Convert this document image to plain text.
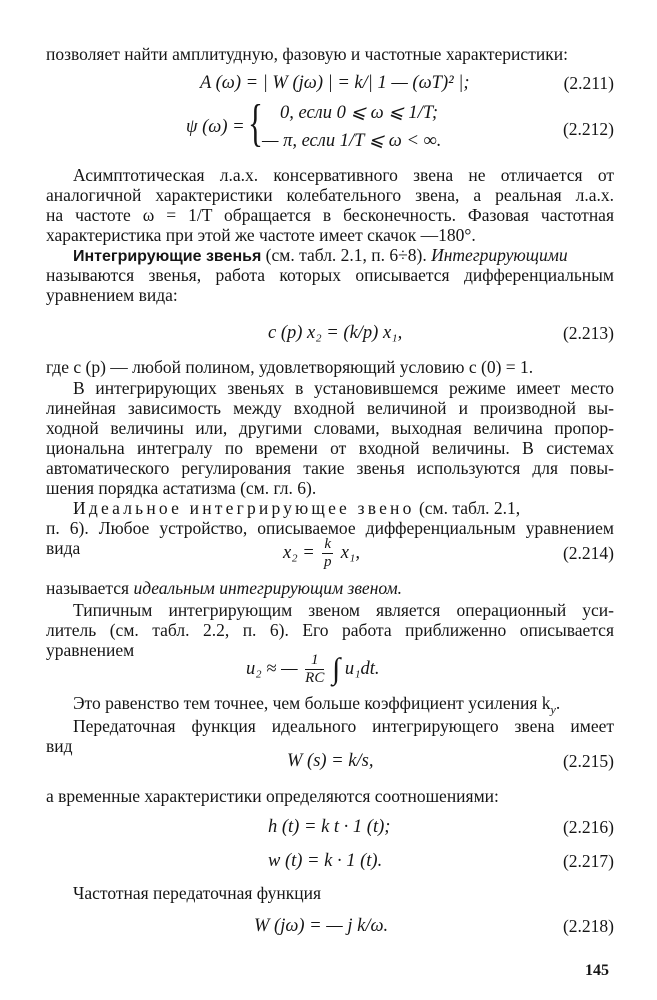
позволяет найти амплитудную, фазовую и частотные характеристики:
A (ω) = | W (jω) | = k/| 1 — (ωT)² |;	(2.211)
ψ (ω) = { 0, если 0 ⩽ ω ⩽ 1/T;
— π, если 1/T ⩽ ω < ∞.
(2.212)
Асимптотическая л.а.х. консервативного звена не отличается от
аналогичной характеристики колебательного звена, а реальная л.а.х.
на частоте ω = 1/T обращается в бесконечность. Фазовая частотная
характеристика при этой же частоте имеет скачок —180°.
Интегрирующие звенья (см. табл. 2.1, п. 6÷8). Интегрирующими
называются звенья, работа которых описывается дифференциальным
уравнением вида:
c (p) x₂ = (k/p) x₁,	(2.213)
где c (p) — любой полином, удовлетворяющий условию c (0) = 1.
В интегрирующих звеньях в установившемся режиме имеет место
линейная зависимость между входной величиной и производной вы-
ходной величины или, другими словами, выходная величина пропор-
циональна интегралу по времени от входной величины. В системах
автоматического регулирования такие звенья используются для повы-
шения порядка астатизма (см. гл. 6).
Идеальное интегрирующее звено (см. табл. 2.1,
п. 6). Любое устройство, описываемое дифференциальным уравнением
вида	$x_2 = \frac{k}{p} x_1$,	(2.214)
называется идеальным интегрирующим звеном.
Типичным интегрирующим звеном является операционный уси-
литель (см. табл. 2.2, п. 6). Его работа приближенно описывается
уравнением
u₂ ≈ — $\frac{1}{RC}$ ∫ u₁dt.
Это равенство тем точнее, чем больше коэффициент усиления $k_у$.
Передаточная функция идеального интегрирующего звена имеет
вид
W (s) = k/s,	(2.215)
а временные характеристики определяются соотношениями:
h (t) = k t · 1 (t);	(2.216)
w (t) = k · 1 (t).	(2.217)
Частотная передаточная функция
W (jω) = — j k/ω.	(2.218)
145
